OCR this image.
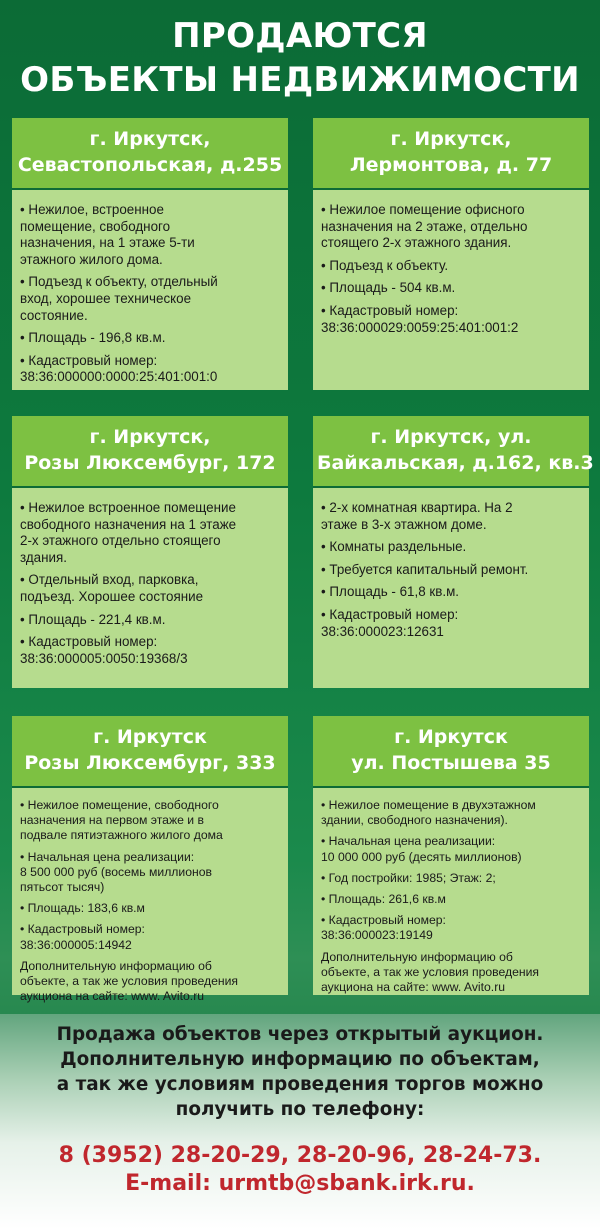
ПРОДАЮТСЯ
ОБЪЕКТЫ НЕДВИЖИМОСТИ
г. Иркутск,
Севастопольская, д.255
• Нежилое, встроенное
помещение, свободного
назначения, на 1 этаже 5-ти
этажного жилого дома.
• Подъезд к объекту, отдельный
вход, хорошее техническое
состояние.
• Площадь - 196,8 кв.м.
• Кадастровый номер:
38:36:000000:0000:25:401:001:0
г. Иркутск,
Лермонтова, д. 77
• Нежилое помещение офисного
назначения на 2 этаже, отдельно
стоящего 2-х этажного здания.
• Подъезд к объекту.
• Площадь - 504 кв.м.
• Кадастровый номер:
38:36:000029:0059:25:401:001:2
г. Иркутск,
Розы Люксембург, 172
• Нежилое встроенное помещение
свободного назначения на 1 этаже
2-х этажного отдельно стоящего
здания.
• Отдельный вход, парковка,
подъезд. Хорошее состояние
• Площадь - 221,4 кв.м.
• Кадастровый номер:
38:36:000005:0050:19368/3
г. Иркутск, ул.
Байкальская, д.162, кв.3
• 2-х комнатная квартира. На 2
этаже в 3-х этажном доме.
• Комнаты раздельные.
• Требуется капитальный ремонт.
• Площадь - 61,8 кв.м.
• Кадастровый номер:
38:36:000023:12631
г. Иркутск
Розы Люксембург, 333
• Нежилое помещение, свободного
назначения на первом этаже и в
подвале пятиэтажного жилого дома
• Начальная цена реализации:
8 500 000 руб (восемь миллионов
пятьсот тысяч)
• Площадь: 183,6 кв.м
• Кадастровый номер:
38:36:000005:14942
Дополнительную информацию об
объекте, а так же условия проведения
аукциона на сайте: www. Avito.ru
г. Иркутск
ул. Постышева 35
• Нежилое помещение в двухэтажном
здании, свободного назначения).
• Начальная цена реализации:
10 000 000 руб (десять миллионов)
• Год постройки: 1985; Этаж: 2;
• Площадь: 261,6 кв.м
• Кадастровый номер:
38:36:000023:19149
Дополнительную информацию об
объекте, а так же условия проведения
аукциона на сайте: www. Avito.ru
Продажа объектов через открытый аукцион.
Дополнительную информацию по объектам,
а так же условиям проведения торгов можно
получить по телефону:
8 (3952) 28-20-29, 28-20-96, 28-24-73.
E-mail: urmtb@sbank.irk.ru.
